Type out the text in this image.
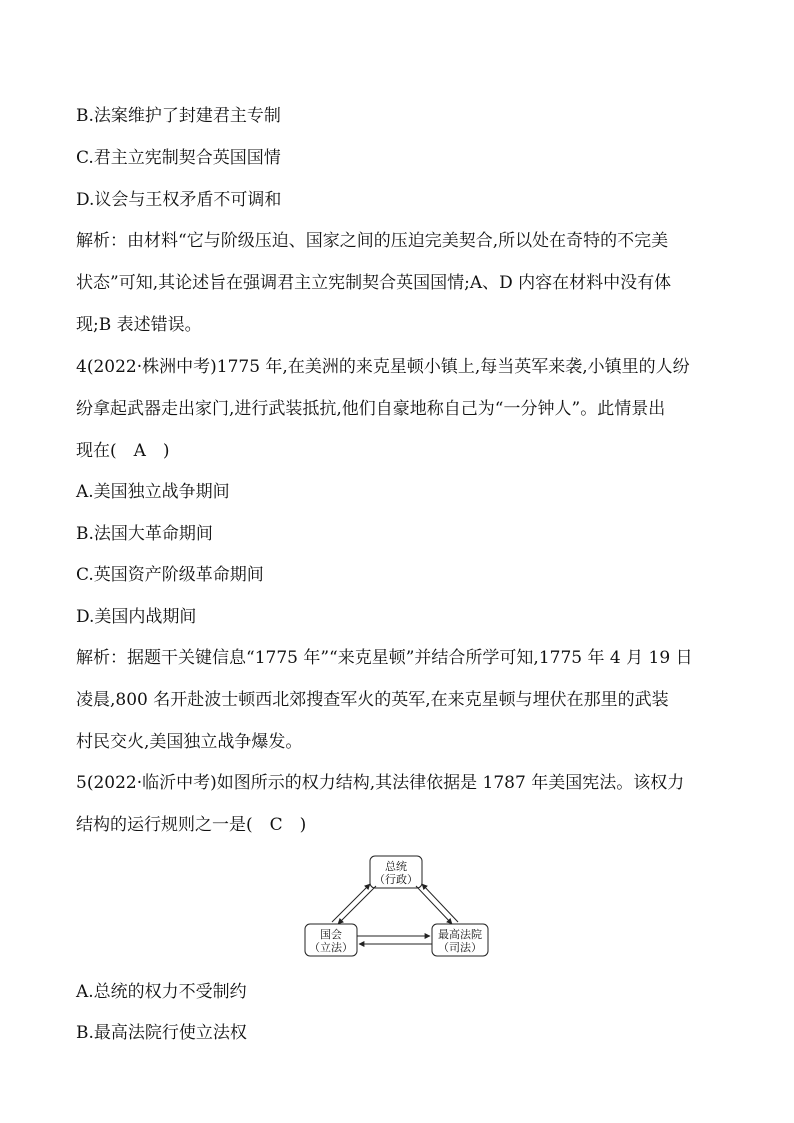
B.法案维护了封建君主专制
C.君主立宪制契合英国国情
D.议会与王权矛盾不可调和
解析：由材料“它与阶级压迫、国家之间的压迫完美契合,所以处在奇特的不完美
状态”可知,其论述旨在强调君主立宪制契合英国国情;A、D 内容在材料中没有体
现;B 表述错误。
4(2022·株洲中考)1775 年,在美洲的来克星顿小镇上,每当英军来袭,小镇里的人纷
纷拿起武器走出家门,进行武装抵抗,他们自豪地称自己为“一分钟人”。此情景出
现在(　A　)
A.美国独立战争期间
B.法国大革命期间
C.英国资产阶级革命期间
D.美国内战期间
解析：据题干关键信息“1775 年”“来克星顿”并结合所学可知,1775 年 4 月 19 日
凌晨,800 名开赴波士顿西北郊搜查军火的英军,在来克星顿与埋伏在那里的武装
村民交火,美国独立战争爆发。
5(2022·临沂中考)如图所示的权力结构,其法律依据是 1787 年美国宪法。该权力
结构的运行规则之一是(　C　)
总统
（行政）
国会
（立法）
最高法院
（司法）
A.总统的权力不受制约
B.最高法院行使立法权
